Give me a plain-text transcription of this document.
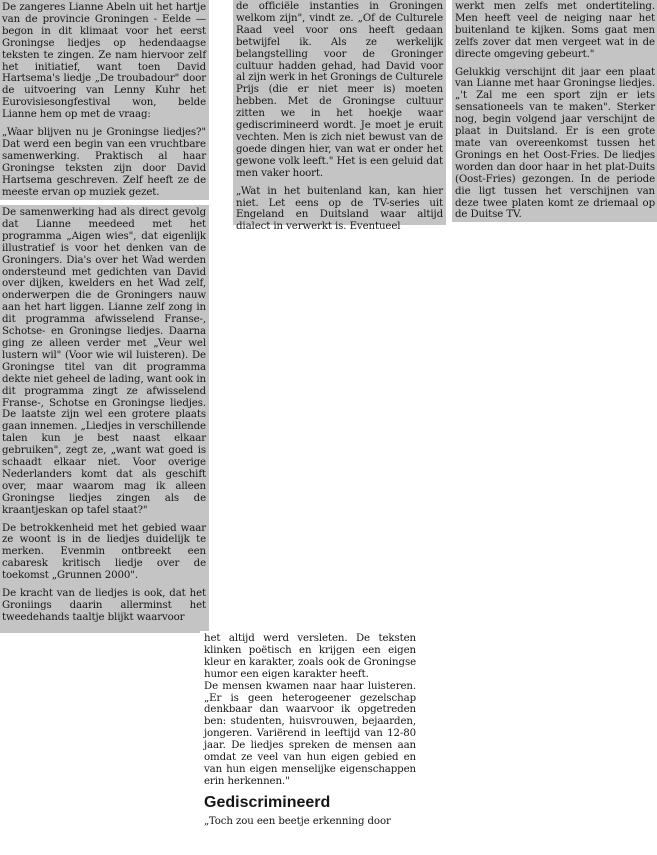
De zangeres Lianne Abeln uit het hartje van de provincie Groningen - Eelde — begon in dit klimaat voor het eerst Groningse liedjes op hedendaagse teksten te zingen. Ze nam hiervoor zelf het initiatief, want toen David Hartsema's liedje „De troubadour" door de uitvoering van Lenny Kuhr het Eurovisiesongfestival won, belde Lianne hem op met de vraag:

„Waar blijven nu je Groningse liedjes?" Dat werd een begin van een vruchtbare samenwerking. Praktisch al haar Groningse teksten zijn door David Hartsema geschreven. Zelf heeft ze de meeste ervan op muziek gezet.

De samenwerking had als direct gevolg dat Lianne meedeed met het programma „Aigen wies", dat eigenlijk illustratief is voor het denken van de Groningers. Dia's over het Wad werden ondersteund met gedichten van David over dijken, kwelders en het Wad zelf, onderwerpen die de Groningers nauw aan het hart liggen. Lianne zelf zong in dit programma afwisselend Franse-, Schotse- en Groningse liedjes. Daarna ging ze alleen verder met „Veur wel lustern wil" (Voor wie wil luisteren). De Groningse titel van dit programma dekte niet geheel de lading, want ook in dit programma zingt ze afwisselend Franse-, Schotse en Groningse liedjes. De laatste zijn wel een grotere plaats gaan innemen. „Liedjes in verschillende talen kun je best naast elkaar gebruiken", zegt ze, „want wat goed is schaadt elkaar niet. Voor overige Nederlanders komt dat als geschift over, maar waarom mag ik alleen Groningse liedjes zingen als de kraantjeskan op tafel staat?"

De betrokkenheid met het gebied waar ze woont is in de liedjes duidelijk te merken. Evenmin ontbreekt een cabaresk kritisch liedje over de toekomst „Grunnen 2000".

De kracht van de liedjes is ook, dat het Groniings daarin allerminst het tweedehands taaltje blijkt waarvoor

het altijd werd versleten. De teksten klinken poëtisch en krijgen een eigen kleur en karakter, zoals ook de Groningse humor een eigen karakter heeft.

De mensen kwamen naar haar luisteren. „Er is geen heterogeener gezelschap denkbaar dan waarvoor ik opgetreden ben: studenten, huisvrouwen, bejaarden, jongeren. Variërend in leeftijd van 12-80 jaar. De liedjes spreken de mensen aan omdat ze veel van hun eigen gebied en van hun eigen menselijke eigenschappen erin herkennen."

Gediscrimineerd

„Toch zou een beetje erkenning door

de officiële instanties in Groningen welkom zijn", vindt ze. „Of de Culturele Raad veel voor ons heeft gedaan betwijfel ik. Als ze werkelijk belangstelling voor de Groninger cultuur hadden gehad, had David voor al zijn werk in het Gronings de Culturele Prijs (die er niet meer is) moeten hebben. Met de Groningse cultuur zitten we in het hoekje waar gediscrimineerd wordt. Je moet je eruit vechten. Men is zich niet bewust van de goede dingen hier, van wat er onder het gewone volk leeft." Het is een geluid dat men vaker hoort.

„Wat in het buitenland kan, kan hier niet. Let eens op de TV-series uit Engeland en Duitsland waar altijd dialect in verwerkt is. Eventueel

werkt men zelfs met ondertiteling. Men heeft veel de neiging naar het buitenland te kijken. Soms gaat men zelfs zover dat men vergeet wat in de directe omgeving gebeurt."

Gelukkig verschijnt dit jaar een plaat van Lianne met haar Groningse liedjes. „'t Zal me een sport zijn er iets sensationeels van te maken". Sterker nog, begin volgend jaar verschijnt de plaat in Duitsland. Er is een grote mate van overeenkomst tussen het Gronings en het Oost-Fries. De liedjes worden dan door haar in het plat-Duits (Oost-Fries) gezongen. In de periode die ligt tussen het verschijnen van deze twee platen komt ze driemaal op de Duitse TV.
